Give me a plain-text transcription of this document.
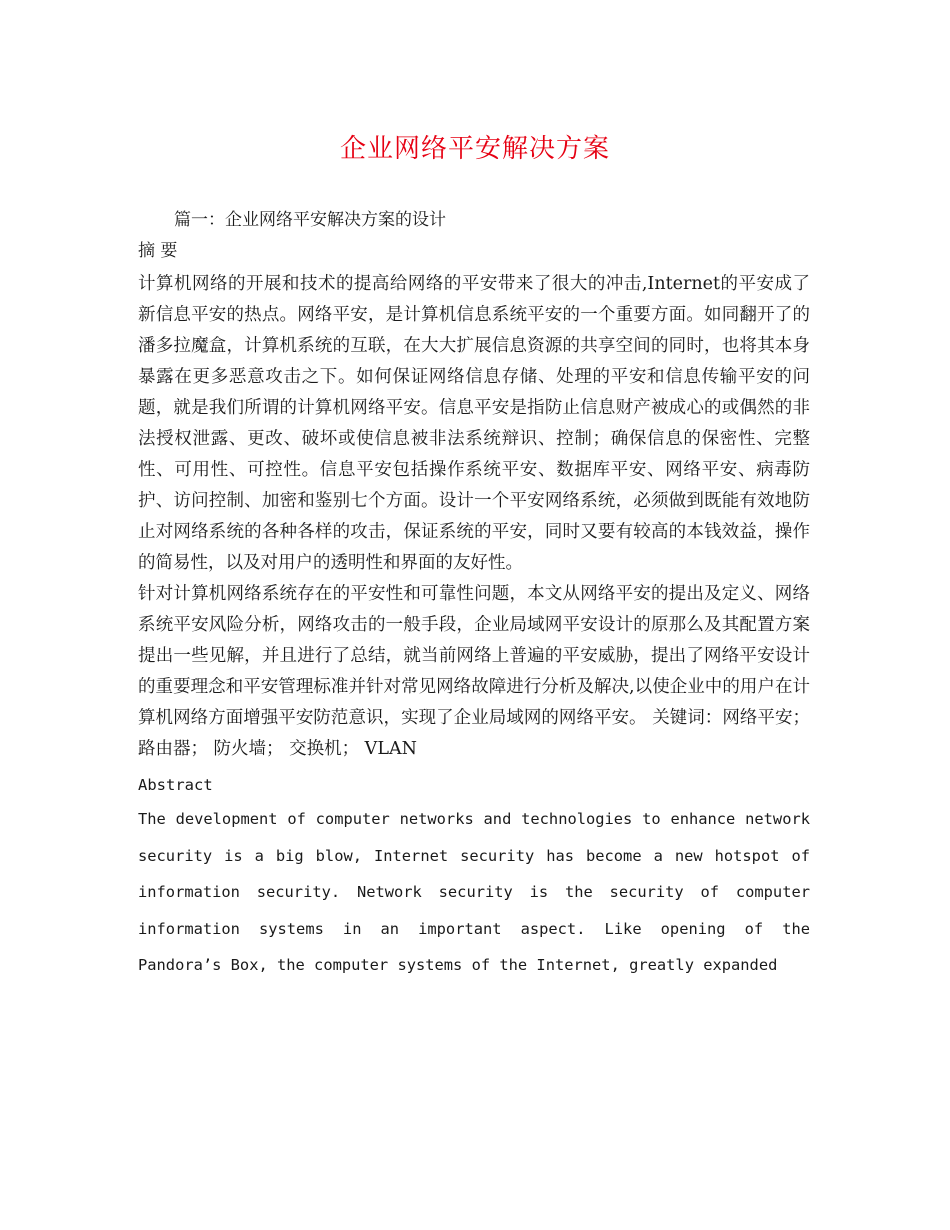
企业网络平安解决方案

篇一：企业网络平安解决方案的设计

摘 要

计算机网络的开展和技术的提高给网络的平安带来了很大的冲击,Internet的平安成了新信息平安的热点。网络平安，是计算机信息系统平安的一个重要方面。如同翻开了的潘多拉魔盒，计算机系统的互联，在大大扩展信息资源的共享空间的同时，也将其本身暴露在更多恶意攻击之下。如何保证网络信息存储、处理的平安和信息传输平安的问题，就是我们所谓的计算机网络平安。信息平安是指防止信息财产被成心的或偶然的非法授权泄露、更改、破坏或使信息被非法系统辩识、控制；确保信息的保密性、完整性、可用性、可控性。信息平安包括操作系统平安、数据库平安、网络平安、病毒防护、访问控制、加密和鉴别七个方面。设计一个平安网络系统，必须做到既能有效地防止对网络系统的各种各样的攻击，保证系统的平安，同时又要有较高的本钱效益，操作的简易性，以及对用户的透明性和界面的友好性。

针对计算机网络系统存在的平安性和可靠性问题，本文从网络平安的提出及定义、网络系统平安风险分析，网络攻击的一般手段，企业局域网平安设计的原那么及其配置方案提出一些见解，并且进行了总结，就当前网络上普遍的平安威胁，提出了网络平安设计的重要理念和平安管理标准并针对常见网络故障进行分析及解决,以使企业中的用户在计算机网络方面增强平安防范意识，实现了企业局域网的网络平安。 关键词：网络平安； 路由器； 防火墙； 交换机； VLAN

Abstract

The development of computer networks and technologies to enhance network security is a big blow, Internet security has become a new hotspot of information security. Network security is the security of computer information systems in an important aspect. Like opening of the Pandora’s Box, the computer systems of the Internet, greatly expanded
